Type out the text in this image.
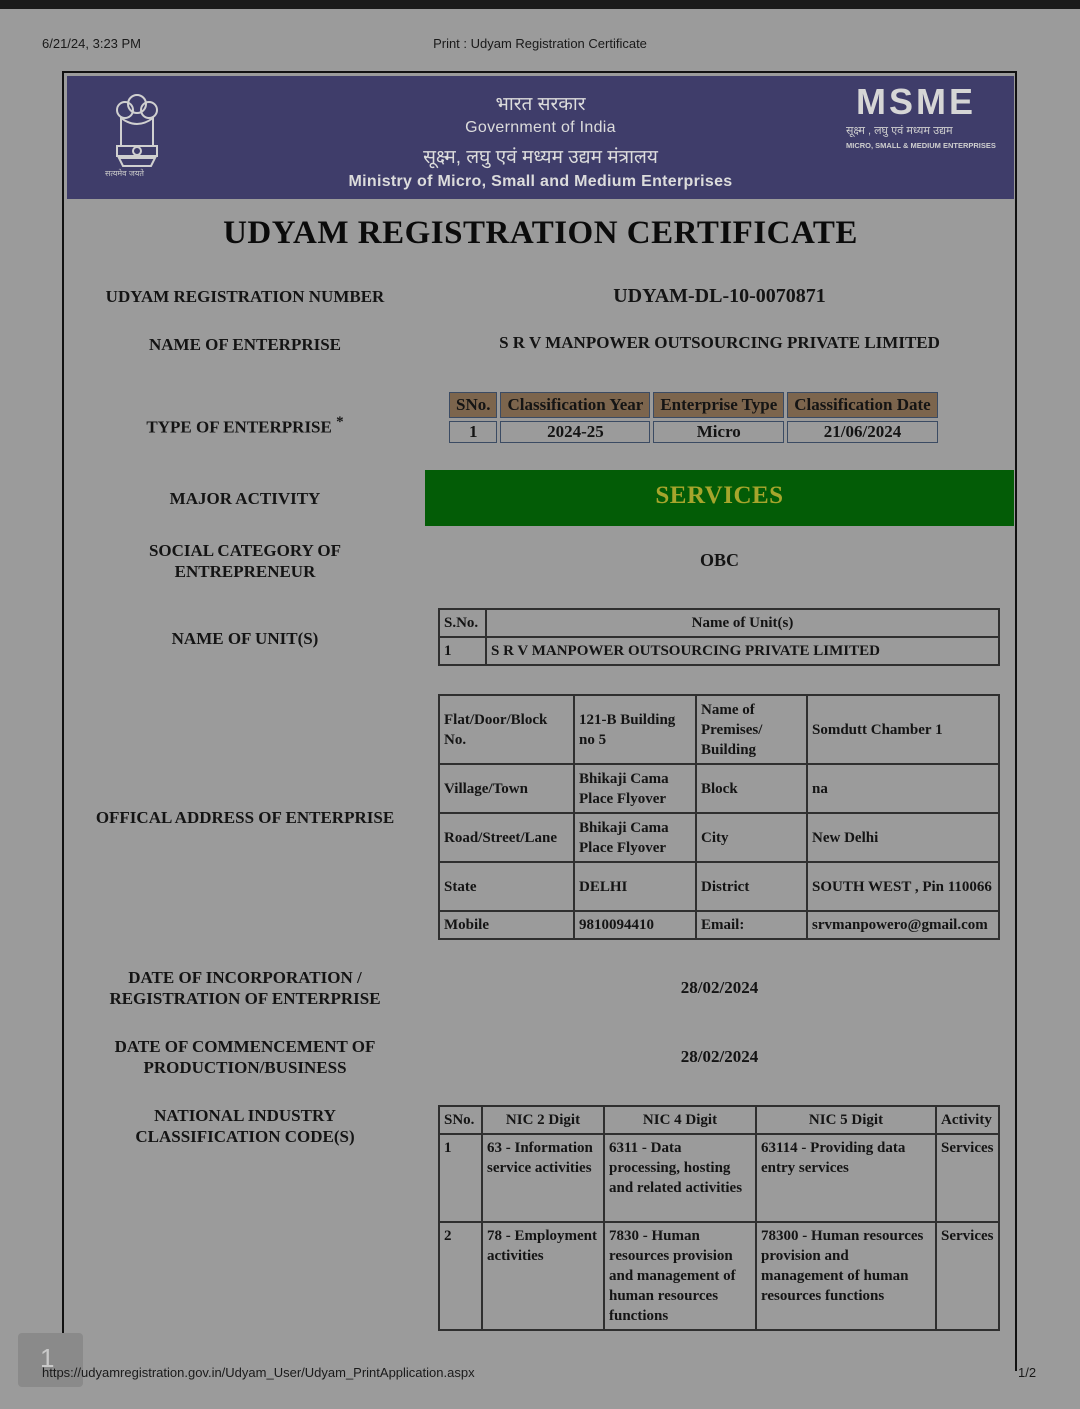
6/21/24, 3:23 PM	Print : Udyam Registration Certificate
सत्यमेव जयते
भारत सरकार
Government of India
सूक्ष्म, लघु एवं मध्यम उद्यम मंत्रालय
Ministry of Micro, Small and Medium Enterprises
MSME
सूक्ष्म , लघु एवं मध्यम उद्यम
MICRO, SMALL & MEDIUM ENTERPRISES
UDYAM REGISTRATION CERTIFICATE
UDYAM REGISTRATION NUMBER	UDYAM-DL-10-0070871
NAME OF ENTERPRISE	S R V MANPOWER OUTSOURCING PRIVATE LIMITED
TYPE OF ENTERPRISE *
SNo.	Classification Year	Enterprise Type	Classification Date
1	2024-25	Micro	21/06/2024
MAJOR ACTIVITY	SERVICES
SOCIAL CATEGORY OF
ENTREPRENEUR
OBC
NAME OF UNIT(S)
S.No.	Name of Unit(s)
1	S R V MANPOWER OUTSOURCING PRIVATE LIMITED
OFFICAL ADDRESS OF ENTERPRISE
Flat/Door/Block No.	121-B Building no 5	Name of Premises/ Building	Somdutt Chamber 1
Village/Town	Bhikaji Cama Place Flyover	Block	na
Road/Street/Lane	Bhikaji Cama Place Flyover	City	New Delhi
State	DELHI	District	SOUTH WEST , Pin 110066
Mobile	9810094410	Email:	srvmanpowero@gmail.com
DATE OF INCORPORATION /
REGISTRATION OF ENTERPRISE
28/02/2024
DATE OF COMMENCEMENT OF
PRODUCTION/BUSINESS
28/02/2024
NATIONAL INDUSTRY
CLASSIFICATION CODE(S)
SNo.	NIC 2 Digit	NIC 4 Digit	NIC 5 Digit	Activity
1	63 - Information service activities	6311 - Data processing, hosting and related activities	63114 - Providing data entry services	Services
2	78 - Employment activities	7830 - Human resources provision and management of human resources functions	78300 - Human resources provision and management of human resources functions	Services
1
https://udyamregistration.gov.in/Udyam_User/Udyam_PrintApplication.aspx	1/2
